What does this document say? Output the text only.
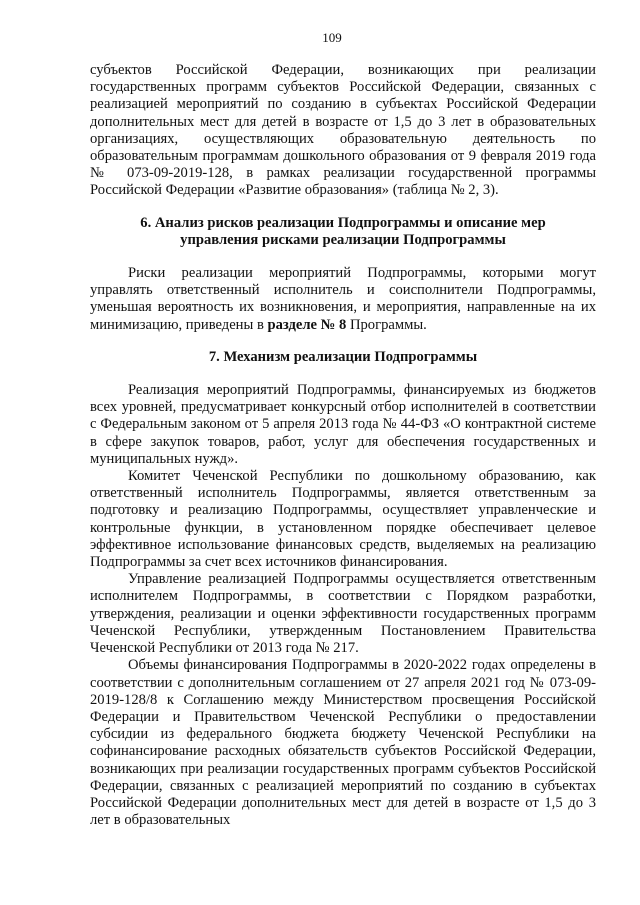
109

субъектов Российской Федерации, возникающих при реализации государственных программ субъектов Российской Федерации, связанных с реализацией мероприятий по созданию в субъектах Российской Федерации дополнительных мест для детей в возрасте от 1,5 до 3 лет в образовательных организациях, осуществляющих образовательную деятельность по образовательным программам дошкольного образования от 9 февраля 2019 года № 073-09-2019-128, в рамках реализации государственной программы Российской Федерации «Развитие образования» (таблица № 2, 3).

6. Анализ рисков реализации Подпрограммы и описание мер
управления рисками реализации Подпрограммы

Риски реализации мероприятий Подпрограммы, которыми могут управлять ответственный исполнитель и соисполнители Подпрограммы, уменьшая вероятность их возникновения, и мероприятия, направленные на их минимизацию, приведены в разделе № 8 Программы.

7. Механизм реализации Подпрограммы

Реализация мероприятий Подпрограммы, финансируемых из бюджетов всех уровней, предусматривает конкурсный отбор исполнителей в соответствии с Федеральным законом от 5 апреля 2013 года № 44-ФЗ «О контрактной системе в сфере закупок товаров, работ, услуг для обеспечения государственных и муниципальных нужд».

Комитет Чеченской Республики по дошкольному образованию, как ответственный исполнитель Подпрограммы, является ответственным за подготовку и реализацию Подпрограммы, осуществляет управленческие и контрольные функции, в установленном порядке обеспечивает целевое эффективное использование финансовых средств, выделяемых на реализацию Подпрограммы за счет всех источников финансирования.

Управление реализацией Подпрограммы осуществляется ответственным исполнителем Подпрограммы, в соответствии с Порядком разработки, утверждения, реализации и оценки эффективности государственных программ Чеченской Республики, утвержденным Постановлением Правительства Чеченской Республики от 2013 года № 217.

Объемы финансирования Подпрограммы в 2020-2022 годах определены в соответствии с дополнительным соглашением от 27 апреля 2021 год № 073-09-2019-128/8 к Соглашению между Министерством просвещения Российской Федерации и Правительством Чеченской Республики о предоставлении субсидии из федерального бюджета бюджету Чеченской Республики на софинансирование расходных обязательств субъектов Российской Федерации, возникающих при реализации государственных программ субъектов Российской Федерации, связанных с реализацией мероприятий по созданию в субъектах Российской Федерации дополнительных мест для детей в возрасте от 1,5 до 3 лет в образовательных
